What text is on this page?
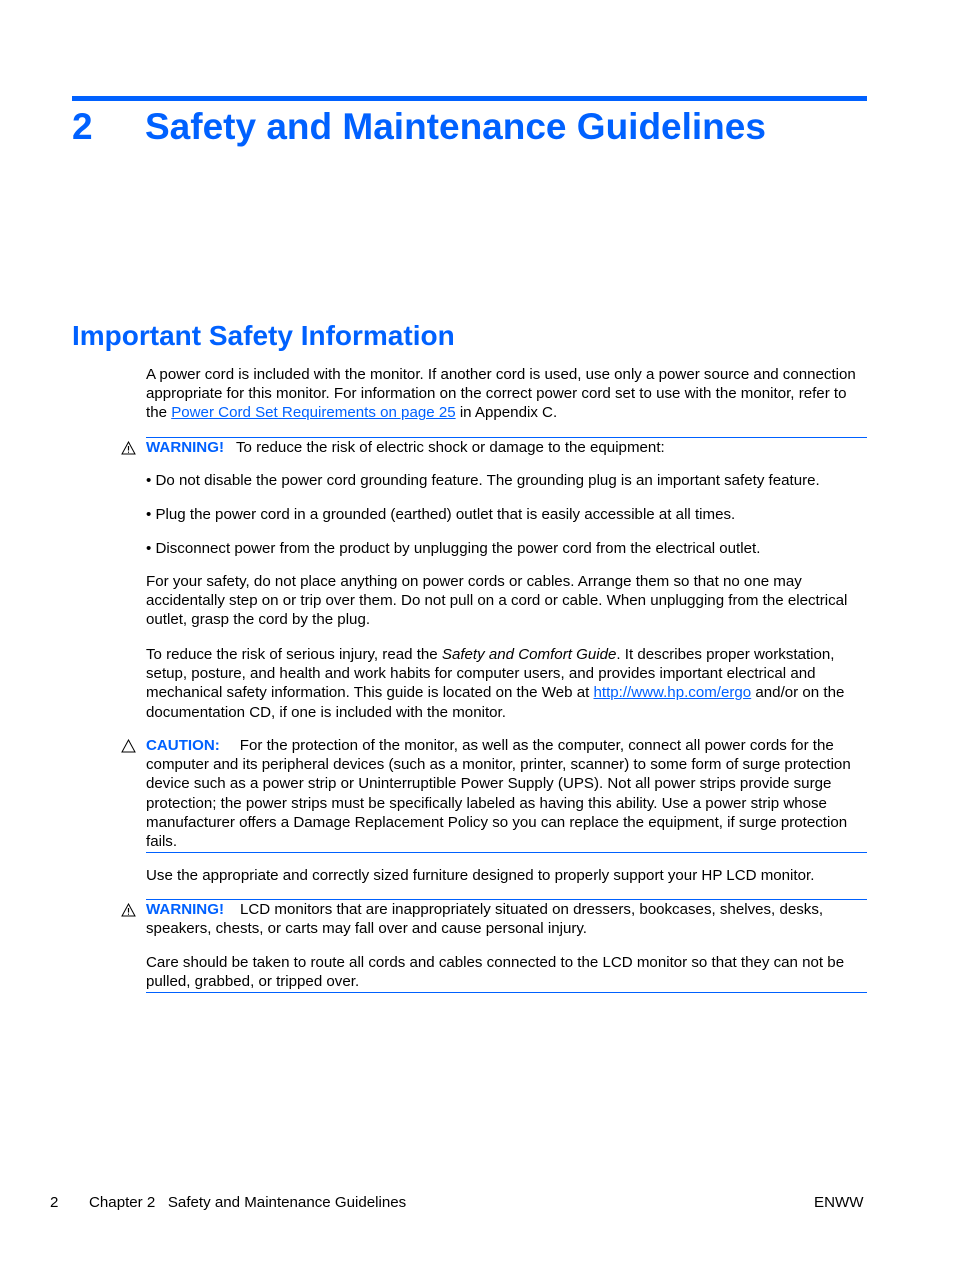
2 Safety and Maintenance Guidelines
Important Safety Information

A power cord is included with the monitor. If another cord is used, use only a power source and connection appropriate for this monitor. For information on the correct power cord set to use with the monitor, refer to the Power Cord Set Requirements on page 25 in Appendix C.

WARNING! To reduce the risk of electric shock or damage to the equipment:

• Do not disable the power cord grounding feature. The grounding plug is an important safety feature.

• Plug the power cord in a grounded (earthed) outlet that is easily accessible at all times.

• Disconnect power from the product by unplugging the power cord from the electrical outlet.

For your safety, do not place anything on power cords or cables. Arrange them so that no one may accidentally step on or trip over them. Do not pull on a cord or cable. When unplugging from the electrical outlet, grasp the cord by the plug.

To reduce the risk of serious injury, read the Safety and Comfort Guide. It describes proper workstation, setup, posture, and health and work habits for computer users, and provides important electrical and mechanical safety information. This guide is located on the Web at http://www.hp.com/ergo and/or on the documentation CD, if one is included with the monitor.

CAUTION: For the protection of the monitor, as well as the computer, connect all power cords for the computer and its peripheral devices (such as a monitor, printer, scanner) to some form of surge protection device such as a power strip or Uninterruptible Power Supply (UPS). Not all power strips provide surge protection; the power strips must be specifically labeled as having this ability. Use a power strip whose manufacturer offers a Damage Replacement Policy so you can replace the equipment, if surge protection fails.

Use the appropriate and correctly sized furniture designed to properly support your HP LCD monitor.

WARNING! LCD monitors that are inappropriately situated on dressers, bookcases, shelves, desks, speakers, chests, or carts may fall over and cause personal injury.

Care should be taken to route all cords and cables connected to the LCD monitor so that they can not be pulled, grabbed, or tripped over.

2 Chapter 2   Safety and Maintenance Guidelines	ENWW
